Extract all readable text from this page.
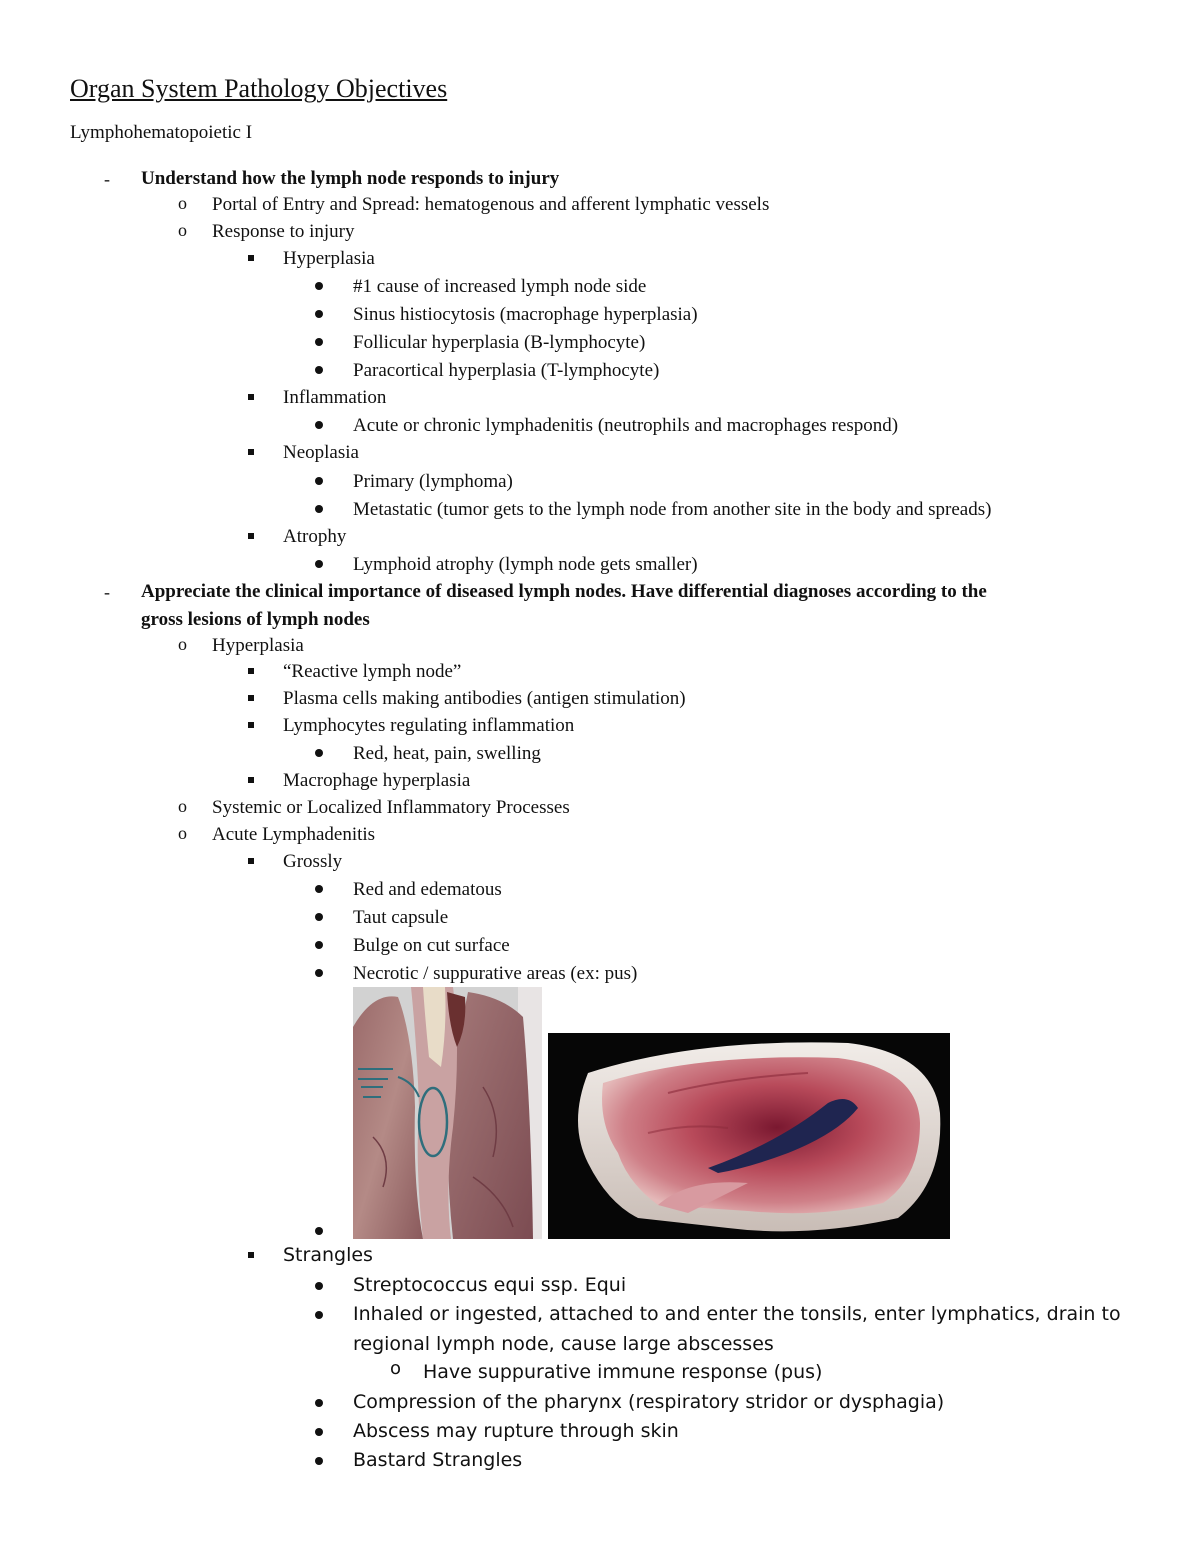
Organ System Pathology Objectives
Lymphohematopoietic I
- Understand how the lymph node responds to injury
o Portal of Entry and Spread: hematogenous and afferent lymphatic vessels
o Response to injury
Hyperplasia
#1 cause of increased lymph node side
Sinus histiocytosis (macrophage hyperplasia)
Follicular hyperplasia (B-lymphocyte)
Paracortical hyperplasia (T-lymphocyte)
Inflammation
Acute or chronic lymphadenitis (neutrophils and macrophages respond)
Neoplasia
Primary (lymphoma)
Metastatic (tumor gets to the lymph node from another site in the body and spreads)
Atrophy
Lymphoid atrophy (lymph node gets smaller)
- Appreciate the clinical importance of diseased lymph nodes. Have differential diagnoses according to the
gross lesions of lymph nodes
o Hyperplasia
“Reactive lymph node”
Plasma cells making antibodies (antigen stimulation)
Lymphocytes regulating inflammation
Red, heat, pain, swelling
Macrophage hyperplasia
o Systemic or Localized Inflammatory Processes
o Acute Lymphadenitis
Grossly
Red and edematous
Taut capsule
Bulge on cut surface
Necrotic / suppurative areas (ex: pus)
Strangles
Streptococcus equi ssp. Equi
Inhaled or ingested, attached to and enter the tonsils, enter lymphatics, drain to
regional lymph node, cause large abscesses
o Have suppurative immune response (pus)
Compression of the pharynx (respiratory stridor or dysphagia)
Abscess may rupture through skin
Bastard Strangles
